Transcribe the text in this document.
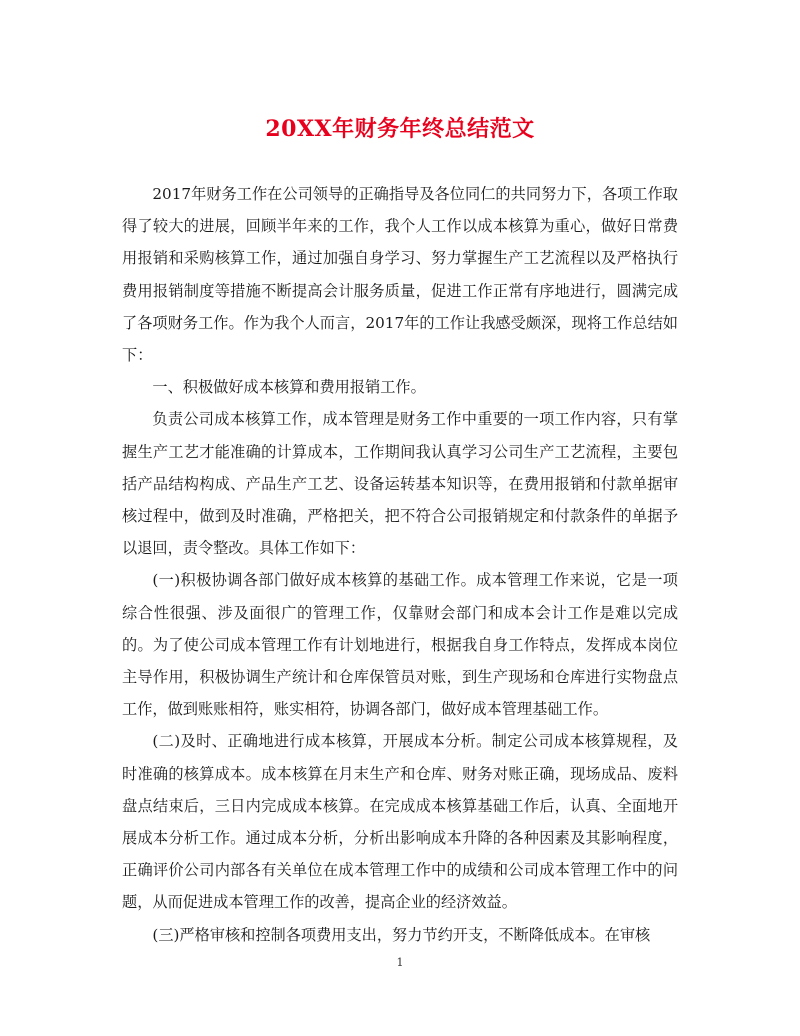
20XX年财务年终总结范文

2017年财务工作在公司领导的正确指导及各位同仁的共同努力下，各项工作取得了较大的进展，回顾半年来的工作，我个人工作以成本核算为重心，做好日常费用报销和采购核算工作，通过加强自身学习、努力掌握生产工艺流程以及严格执行费用报销制度等措施不断提高会计服务质量，促进工作正常有序地进行，圆满完成了各项财务工作。作为我个人而言，2017年的工作让我感受颇深，现将工作总结如下：

一、积极做好成本核算和费用报销工作。

负责公司成本核算工作，成本管理是财务工作中重要的一项工作内容，只有掌握生产工艺才能准确的计算成本，工作期间我认真学习公司生产工艺流程，主要包括产品结构构成、产品生产工艺、设备运转基本知识等，在费用报销和付款单据审核过程中，做到及时准确，严格把关，把不符合公司报销规定和付款条件的单据予以退回，责令整改。具体工作如下：

(一)积极协调各部门做好成本核算的基础工作。成本管理工作来说，它是一项综合性很强、涉及面很广的管理工作，仅靠财会部门和成本会计工作是难以完成的。为了使公司成本管理工作有计划地进行，根据我自身工作特点，发挥成本岗位主导作用，积极协调生产统计和仓库保管员对账，到生产现场和仓库进行实物盘点工作，做到账账相符，账实相符，协调各部门，做好成本管理基础工作。

(二)及时、正确地进行成本核算，开展成本分析。制定公司成本核算规程，及时准确的核算成本。成本核算在月末生产和仓库、财务对账正确，现场成品、废料盘点结束后，三日内完成成本核算。在完成成本核算基础工作后，认真、全面地开展成本分析工作。通过成本分析，分析出影响成本升降的各种因素及其影响程度，正确评价公司内部各有关单位在成本管理工作中的成绩和公司成本管理工作中的问题，从而促进成本管理工作的改善，提高企业的经济效益。

(三)严格审核和控制各项费用支出，努力节约开支，不断降低成本。在审核

1
